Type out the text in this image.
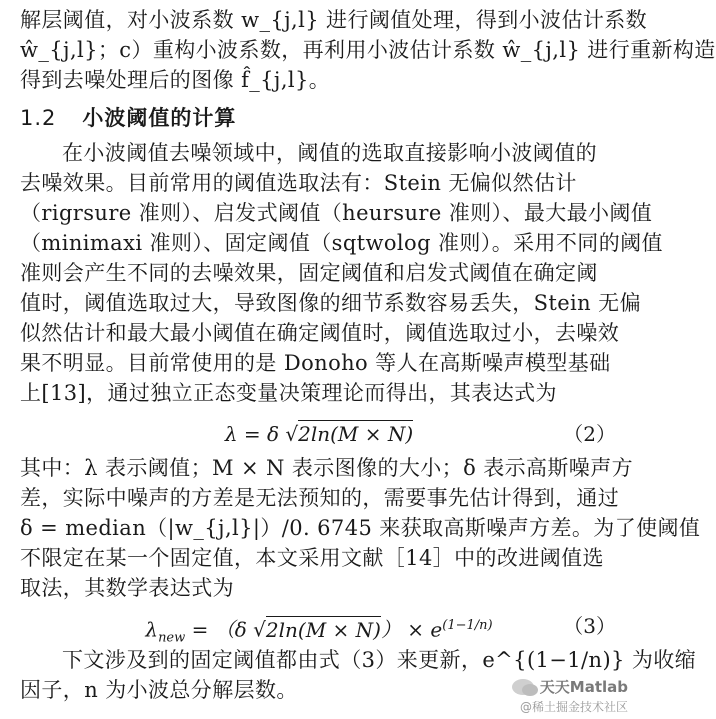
解层阈值，对小波系数 w_{j,l} 进行阈值处理，得到小波估计系数
ŵ_{j,l}；c）重构小波系数，再利用小波估计系数 ŵ_{j,l} 进行重新构造
得到去噪处理后的图像 f̂_{j,l}。
1.2 小波阈值的计算
在小波阈值去噪领域中，阈值的选取直接影响小波阈值的
去噪效果。目前常用的阈值选取法有：Stein 无偏似然估计
（rigrsure 准则）、启发式阈值（heursure 准则）、最大最小阈值
（minimaxi 准则）、固定阈值（sqtwolog 准则）。采用不同的阈值
准则会产生不同的去噪效果，固定阈值和启发式阈值在确定阈
值时，阈值选取过大，导致图像的细节系数容易丢失，Stein 无偏
似然估计和最大最小阈值在确定阈值时，阈值选取过小，去噪效
果不明显。目前常使用的是 Donoho 等人在高斯噪声模型基础
上[13]，通过独立正态变量决策理论而得出，其表达式为
λ = δ √2ln(M × N)	（2）
其中：λ 表示阈值；M × N 表示图像的大小；δ 表示高斯噪声方
差，实际中噪声的方差是无法预知的，需要事先估计得到，通过
δ = median（|w_{j,l}|）/0. 6745 来获取高斯噪声方差。为了使阈值
不限定在某一个固定值，本文采用文献［14］中的改进阈值选
取法，其数学表达式为
$\lambda_{new} = (\delta$ $√2\ln(M \times N)) \times e^{(1-1/n)}$	（3）
下文涉及到的固定阈值都由式（3）来更新，e^{(1−1/n)} 为收缩
因子，n 为小波总分解层数。	天天Matlab
@稀土掘金技术社区
